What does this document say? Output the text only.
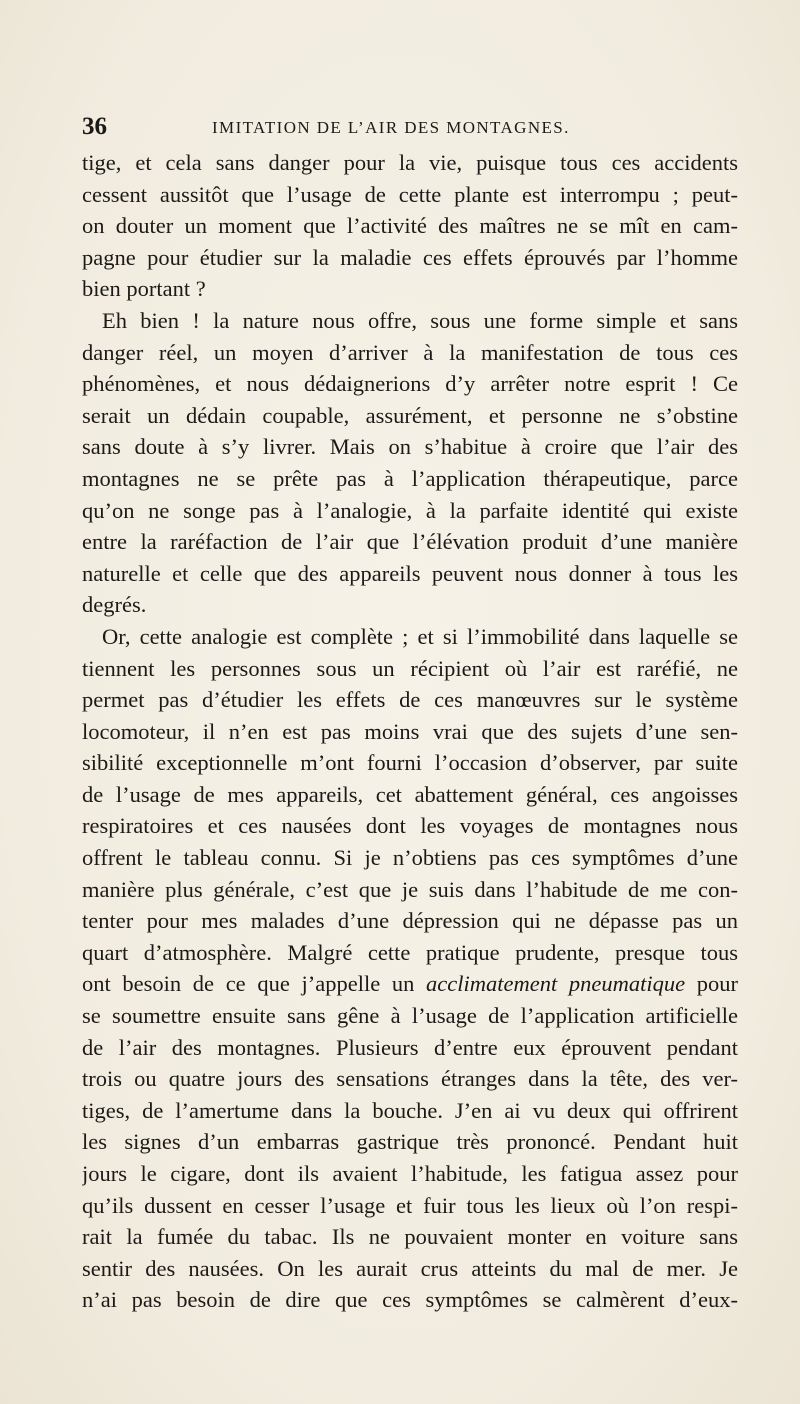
36	IMITATION DE L’AIR DES MONTAGNES.
tige, et cela sans danger pour la vie, puisque tous ces accidents
cessent aussitôt que l’usage de cette plante est interrompu ; peut-
on douter un moment que l’activité des maîtres ne se mît en cam-
pagne pour étudier sur la maladie ces effets éprouvés par l’homme
bien portant ?
Eh bien ! la nature nous offre, sous une forme simple et sans
danger réel, un moyen d’arriver à la manifestation de tous ces
phénomènes, et nous dédaignerions d’y arrêter notre esprit ! Ce
serait un dédain coupable, assurément, et personne ne s’obstine
sans doute à s’y livrer. Mais on s’habitue à croire que l’air des
montagnes ne se prête pas à l’application thérapeutique, parce
qu’on ne songe pas à l’analogie, à la parfaite identité qui existe
entre la raréfaction de l’air que l’élévation produit d’une manière
naturelle et celle que des appareils peuvent nous donner à tous les
degrés.
Or, cette analogie est complète ; et si l’immobilité dans laquelle se
tiennent les personnes sous un récipient où l’air est raréfié, ne
permet pas d’étudier les effets de ces manœuvres sur le système
locomoteur, il n’en est pas moins vrai que des sujets d’une sen-
sibilité exceptionnelle m’ont fourni l’occasion d’observer, par suite
de l’usage de mes appareils, cet abattement général, ces angoisses
respiratoires et ces nausées dont les voyages de montagnes nous
offrent le tableau connu. Si je n’obtiens pas ces symptômes d’une
manière plus générale, c’est que je suis dans l’habitude de me con-
tenter pour mes malades d’une dépression qui ne dépasse pas un
quart d’atmosphère. Malgré cette pratique prudente, presque tous
ont besoin de ce que j’appelle un acclimatement pneumatique pour
se soumettre ensuite sans gêne à l’usage de l’application artificielle
de l’air des montagnes. Plusieurs d’entre eux éprouvent pendant
trois ou quatre jours des sensations étranges dans la tête, des ver-
tiges, de l’amertume dans la bouche. J’en ai vu deux qui offrirent
les signes d’un embarras gastrique très prononcé. Pendant huit
jours le cigare, dont ils avaient l’habitude, les fatigua assez pour
qu’ils dussent en cesser l’usage et fuir tous les lieux où l’on respi-
rait la fumée du tabac. Ils ne pouvaient monter en voiture sans
sentir des nausées. On les aurait crus atteints du mal de mer. Je
n’ai pas besoin de dire que ces symptômes se calmèrent d’eux-
